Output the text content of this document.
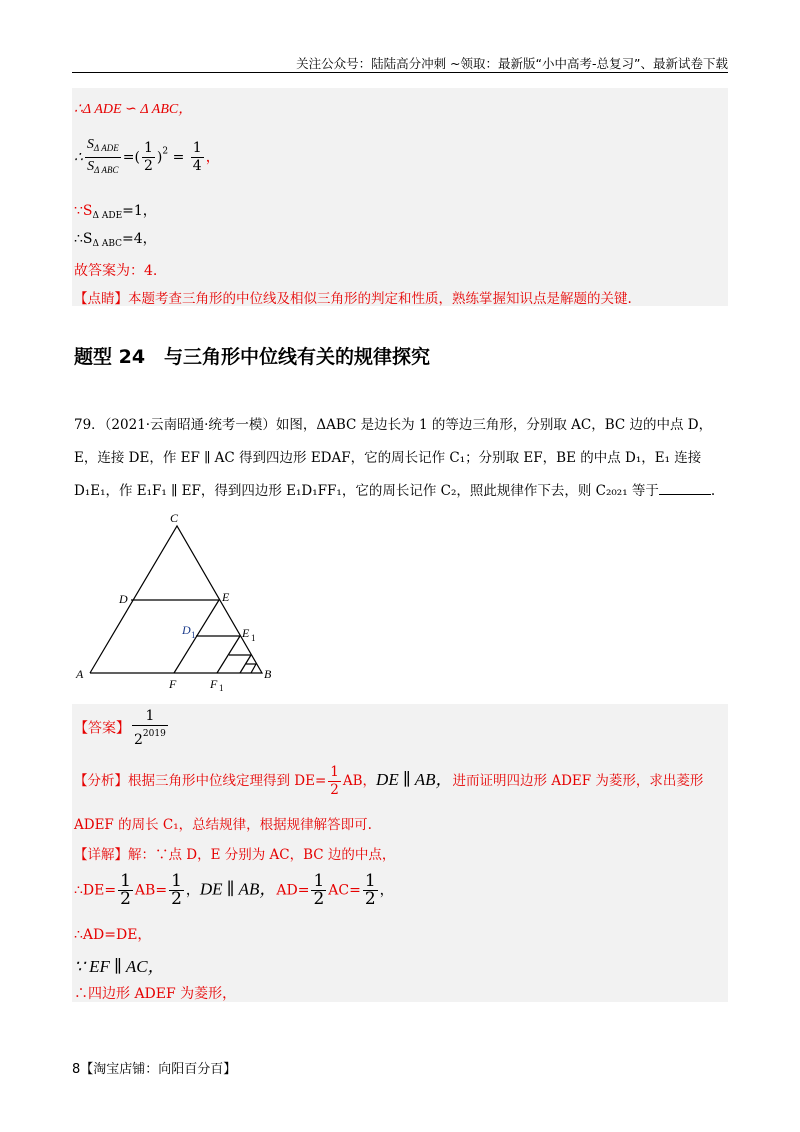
关注公众号：陆陆高分冲刺 ~领取：最新版“小中高考-总复习”、最新试卷下载
∴Δ ADE ∽ Δ ABC，
∴ $\frac{S_{\Delta ADE}}{S_{\Delta ABC}}$ =( $\frac{1}{2} )^2 = \frac{1}{4}$ ，
$\because S_{\Delta ADE}=1$，
$\therefore S_{\Delta ABC}=4$，
故答案为：4.
【点睛】本题考查三角形的中位线及相似三角形的判定和性质，熟练掌握知识点是解题的关键.
题型 24　与三角形中位线有关的规律探究
79．（2021·云南昭通·统考一模）如图，ΔABC 是边长为 1 的等边三角形，分别取 AC，BC 边的中点 D，
E，连接 DE，作 EF ∥ AC 得到四边形 EDAF，它的周长记作 C₁；分别取 EF，BE 的中点 D₁，E₁ 连接
D₁E₁，作 E₁F₁ ∥ EF，得到四边形 E₁D₁FF₁，它的周长记作 C₂，照此规律作下去，则 C₂₀₂₁ 等于	.
C
D	E
D 1	E 1
A
F	F 1
B
【答案】 $\frac{1}{2^{2019}}$
【分析】根据三角形中位线定理得到 $DE= \frac{1}{2}$ AB，DE ∥ AB，进而证明四边形 ADEF 为菱形，求出菱形
ADEF 的周长 C₁，总结规律，根据规律解答即可.
【详解】解：∵点 D，E 分别为 AC，BC 边的中点，
∴DE= $\frac{1}{2} AB= \frac{1}{2}$ ，DE ∥ AB，$AD= \frac{1}{2} AC= \frac{1}{2}$ ，
∴AD=DE，
∵ EF ∥ AC，
∴四边形 ADEF 为菱形，
8【淘宝店铺：向阳百分百】
